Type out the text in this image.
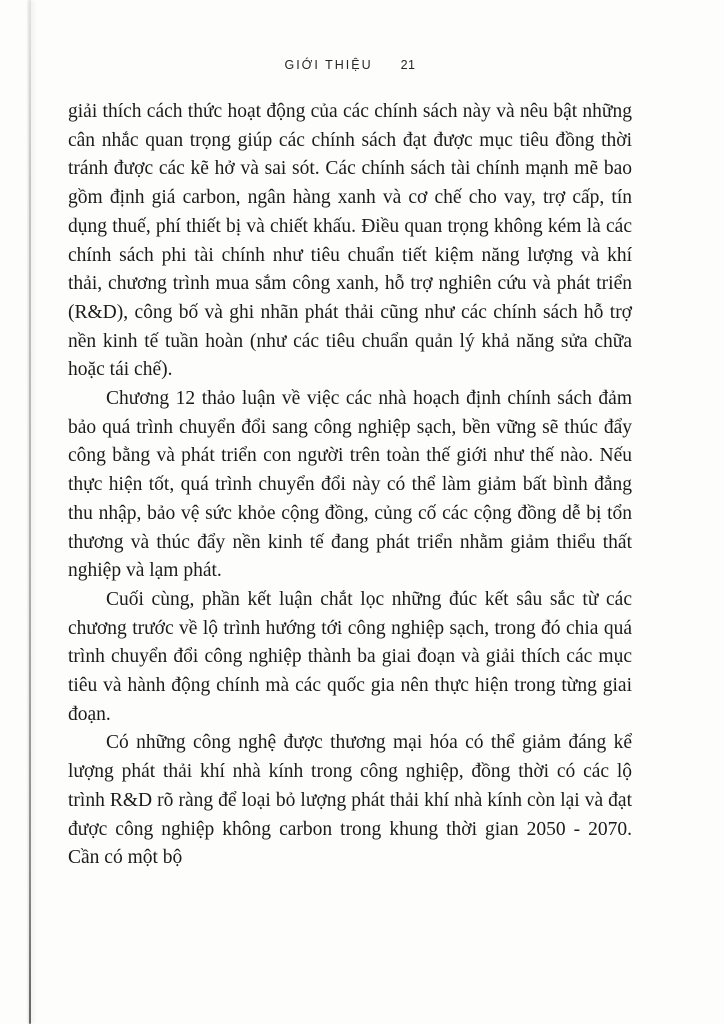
GIỚI THIỆU 21

giải thích cách thức hoạt động của các chính sách này và nêu bật những cân nhắc quan trọng giúp các chính sách đạt được mục tiêu đồng thời tránh được các kẽ hở và sai sót. Các chính sách tài chính mạnh mẽ bao gồm định giá carbon, ngân hàng xanh và cơ chế cho vay, trợ cấp, tín dụng thuế, phí thiết bị và chiết khấu. Điều quan trọng không kém là các chính sách phi tài chính như tiêu chuẩn tiết kiệm năng lượng và khí thải, chương trình mua sắm công xanh, hỗ trợ nghiên cứu và phát triển (R&D), công bố và ghi nhãn phát thải cũng như các chính sách hỗ trợ nền kinh tế tuần hoàn (như các tiêu chuẩn quản lý khả năng sửa chữa hoặc tái chế).

Chương 12 thảo luận về việc các nhà hoạch định chính sách đảm bảo quá trình chuyển đổi sang công nghiệp sạch, bền vững sẽ thúc đẩy công bằng và phát triển con người trên toàn thế giới như thế nào. Nếu thực hiện tốt, quá trình chuyển đổi này có thể làm giảm bất bình đẳng thu nhập, bảo vệ sức khỏe cộng đồng, củng cố các cộng đồng dễ bị tổn thương và thúc đẩy nền kinh tế đang phát triển nhằm giảm thiểu thất nghiệp và lạm phát.

Cuối cùng, phần kết luận chắt lọc những đúc kết sâu sắc từ các chương trước về lộ trình hướng tới công nghiệp sạch, trong đó chia quá trình chuyển đổi công nghiệp thành ba giai đoạn và giải thích các mục tiêu và hành động chính mà các quốc gia nên thực hiện trong từng giai đoạn.

Có những công nghệ được thương mại hóa có thể giảm đáng kể lượng phát thải khí nhà kính trong công nghiệp, đồng thời có các lộ trình R&D rõ ràng để loại bỏ lượng phát thải khí nhà kính còn lại và đạt được công nghiệp không carbon trong khung thời gian 2050 - 2070. Cần có một bộ
